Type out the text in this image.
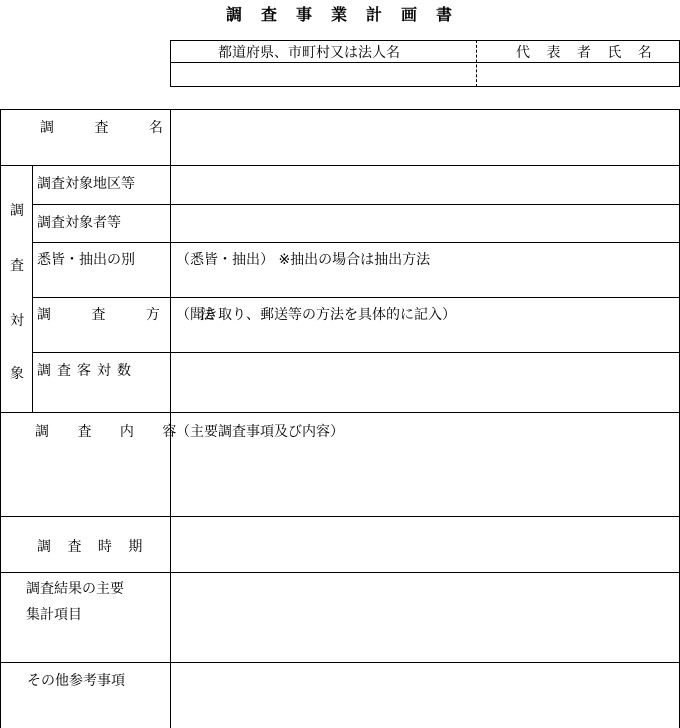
調査事業計画書
都道府県、市町村又は法人名	代 表 者 氏 名
調 査 名
調
査
対
象
調査対象地区等
調査対象者等
悉皆・抽出の別	（悉皆・抽出） ※抽出の場合は抽出方法
調 査 方 法
（聞き取り、郵送等の方法を具体的に記入）
調査客対数
調 査 内 容
（主要調査事項及び内容）
調 査 時 期
調査結果の主要
集計項目
その他参考事項
